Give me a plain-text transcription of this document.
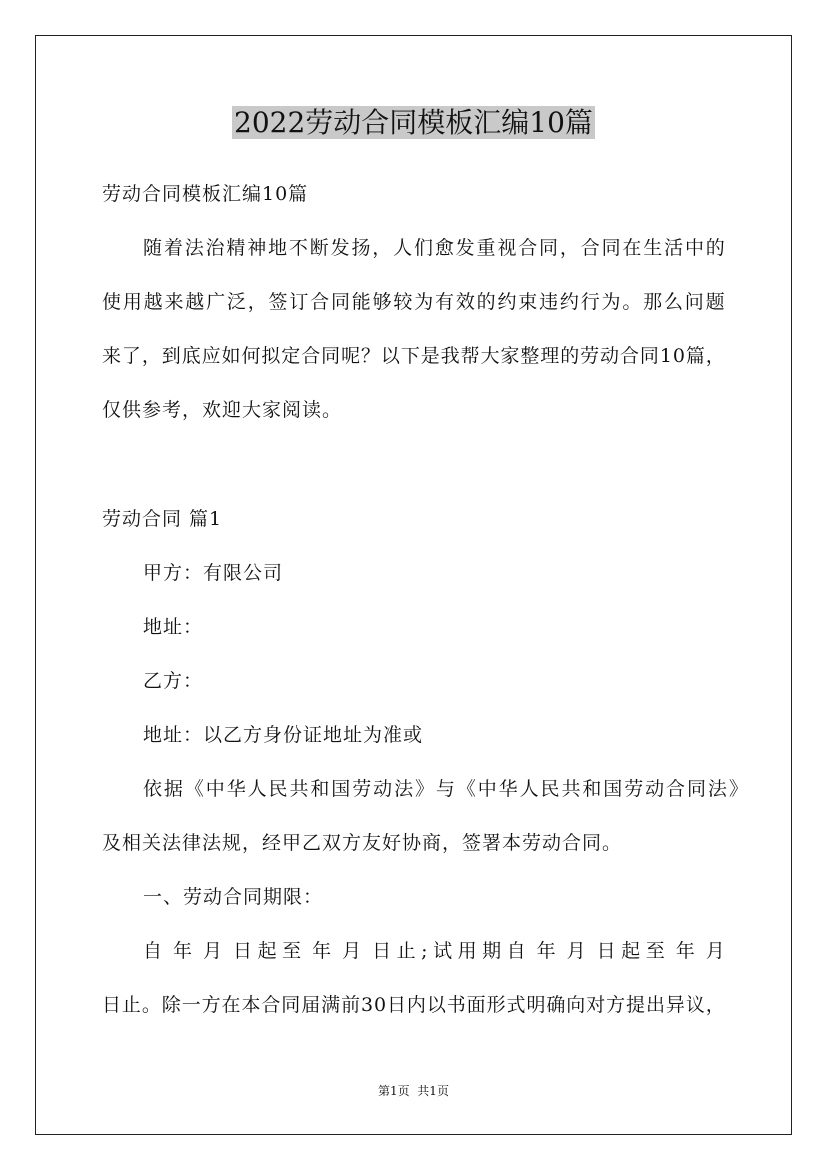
2022劳动合同模板汇编10篇
劳动合同模板汇编10篇
随 着 法 治 精 神 地 不 断 发 扬 ， 人 们 愈 发 重 视 合 同 ， 合 同 在 生 活 中 的
使 用 越 来 越 广 泛 ， 签 订 合 同 能 够 较 为 有 效 的 约 束 违 约 行 为 。 那 么 问 题
来 了 ， 到 底 应 如 何 拟 定 合 同 呢 ？ 以 下 是 我 帮 大 家 整 理 的 劳 动 合 同 1 0 篇 ，
仅供参考，欢迎大家阅读。
劳动合同 篇1
甲方：有限公司
地址：
乙方：
地址：以乙方身份证地址为准或
依 据 《 中 华 人 民 共 和 国 劳 动 法 》 与 《 中 华 人 民 共 和 国 劳 动 合 同 法 》
及相关法律法规，经甲乙双方友好协商，签署本劳动合同。
一、劳动合同期限：
自 年 月 日 起 至 年 月 日 止 ; 试 用 期 自 年 月 日 起 至 年 月
日 止 。 除 一 方 在 本 合 同 届 满 前 3 0 日 内 以 书 面 形 式 明 确 向 对 方 提 出 异 议 ，
第1页  共1页
